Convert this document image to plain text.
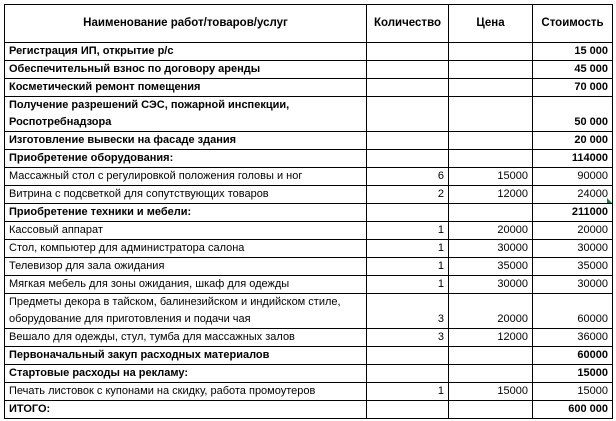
Наименование работ/товаров/услуг	Количество	Цена	Стоимость
Регистрация ИП, открытие р/с			15 000
Обеспечительный взнос по договору аренды			45 000
Косметический ремонт помещения			70 000
Получение разрешений СЭС, пожарной инспекции, Роспотребнадзора			50 000
Изготовление вывески на фасаде здания			20 000
Приобретение оборудования:			114000
Массажный стол с регулировкой положения головы и ног	6	15000	90000
Витрина с подсветкой для сопутствующих товаров	2	12000	24000

Приобретение техники и мебели:			211000
Кассовый аппарат	1	20000	20000
Стол, компьютер для администратора салона	1	30000	30000
Телевизор для зала ожидания	1	35000	35000
Мягкая мебель для зоны ожидания, шкаф для одежды	1	30000	30000
Предметы декора в тайском, балинезийском и индийском стиле, оборудование для приготовления и подачи чая	3	20000	60000
Вешало для одежды, стул, тумба для массажных залов	3	12000	36000
Первоначальный закуп расходных материалов			60000
Стартовые расходы на рекламу:			15000
Печать листовок с купонами на скидку, работа промоутеров	1	15000	15000
ИТОГО:			600 000
